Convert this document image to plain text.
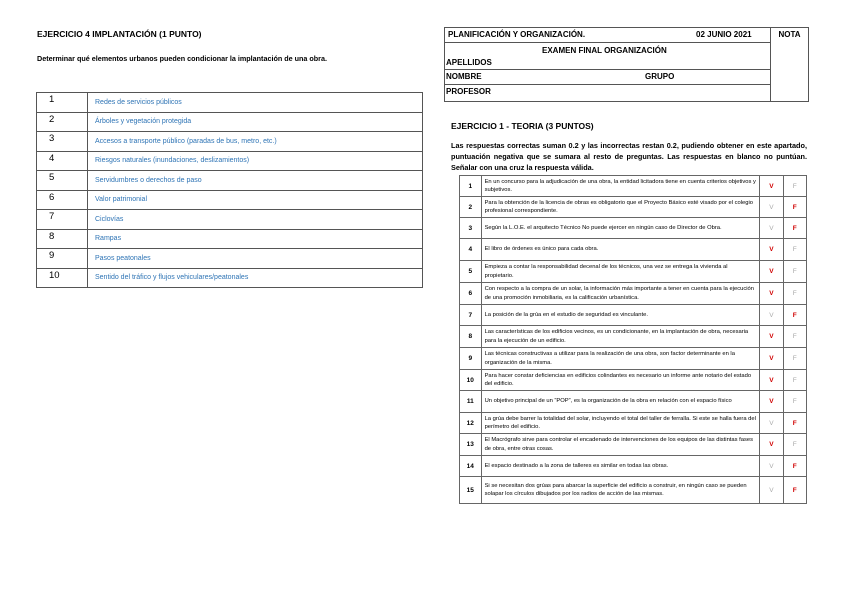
EJERCICIO 4 IMPLANTACIÓN (1 PUNTO)
Determinar qué elementos urbanos pueden condicionar la implantación de una obra.
1	Redes de servicios públicos
2	Árboles y vegetación protegida
3	Accesos a transporte público (paradas de bus, metro, etc.)
4	Riesgos naturales (inundaciones, deslizamientos)
5	Servidumbres o derechos de paso
6	Valor patrimonial
7	Ciclovías
8	Rampas
9	Pasos peatonales
10	Sentido del tráfico y flujos vehiculares/peatonales
PLANIFICACIÓN Y ORGANIZACIÓN.	02 JUNIO 2021
EXAMEN FINAL ORGANIZACIÓN
APELLIDOS
NOMBRE	GRUPO
PROFESOR
NOTA
EJERCICIO 1 - TEORIA (3 PUNTOS)
Las respuestas correctas suman 0.2 y las incorrectas restan 0.2, pudiendo obtener en este apartado, puntuación negativa que se sumara al resto de preguntas. Las respuestas en blanco no puntúan. Señalar con una cruz la respuesta válida.
1	En un concurso para la adjudicación de una obra, la entidad licitadora tiene en cuenta criterios objetivos y subjetivos.	V	F
2	Para la obtención de la licencia de obras es obligatorio que el Proyecto Básico esté visado por el colegio profesional correspondiente.	V	F
3	Según la L.O.E. el arquitecto Técnico No puede ejercer en ningún caso de Director de Obra.	V	F
4	El libro de órdenes es único para cada obra.	V	F
5	Empieza a contar la responsabilidad decenal de los técnicos, una vez se entrega la vivienda al propietario.	V	F
6	Con respecto a la compra de un solar, la información más importante a tener en cuenta para la ejecución de una promoción inmobiliaria, es la calificación urbanística.	V	F
7	La posición de la grúa en el estudio de seguridad es vinculante.	V	F
8	Las características de los edificios vecinos, es un condicionante, en la implantación de obra, necesaria para la ejecución de un edificio.	V	F
9	Las técnicas constructivas a utilizar para la realización de una obra, son factor determinante en la organización de la misma.	V	F
10	Para hacer constar deficiencias en edificios colindantes es necesario un informe ante notario del estado del edificio.	V	F
11	Un objetivo principal de un “POP”, es la organización de la obra en relación con el espacio físico	V	F
12	La grúa debe barrer la totalidad del solar, incluyendo el total del taller de ferralla. Si este se halla fuera del perímetro del edificio.	V	F
13	El Macrógrafo sirve para controlar el encadenado de intervenciones de los equipos de las distintas fases de obra, entre otras cosas.	V	F
14	El espacio destinado a la zona de talleres es similar en todas las obras.	V	F
15	Si se necesitan dos grúas para abarcar la superficie del edificio a construir, en ningún caso se pueden solapar los círculos dibujados por los radios de acción de las mismas.	V	F
